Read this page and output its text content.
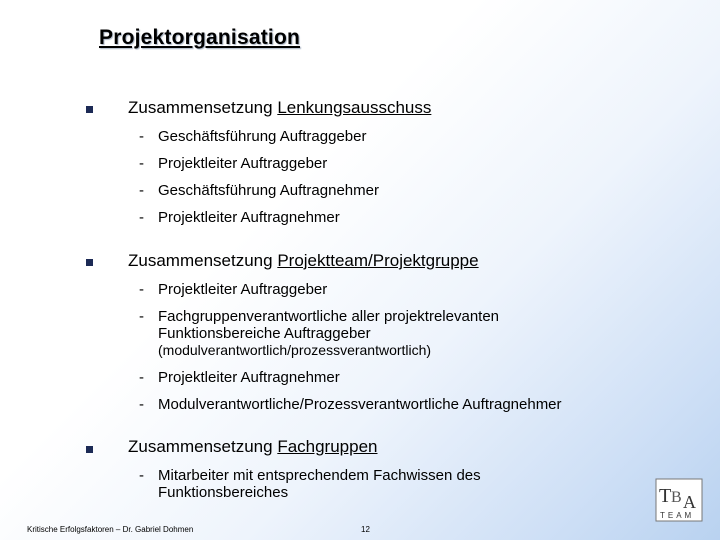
Projektorganisation
Zusammensetzung Lenkungsausschuss
- Geschäftsführung Auftraggeber
- Projektleiter Auftraggeber
- Geschäftsführung Auftragnehmer
- Projektleiter Auftragnehmer
Zusammensetzung Projektteam/Projektgruppe
- Projektleiter Auftraggeber
- Fachgruppenverantwortliche aller projektrelevanten
Funktionsbereiche Auftraggeber
(modulverantwortlich/prozessverantwortlich)
- Projektleiter Auftragnehmer
- Modulverantwortliche/Prozessverantwortliche Auftragnehmer
Zusammensetzung Fachgruppen
- Mitarbeiter mit entsprechendem Fachwissen des
Funktionsbereiches
Kritische Erfolgsfaktoren – Dr. Gabriel Dohmen	12
T B A
TEAM
